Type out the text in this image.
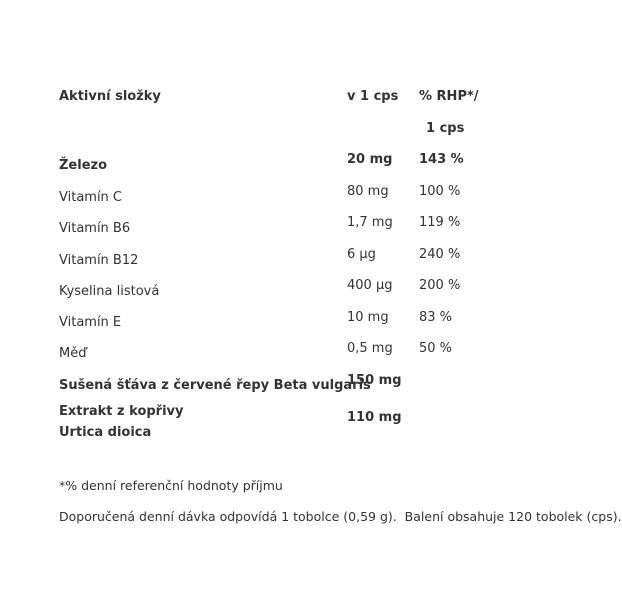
Aktivní složky	v 1 cps % RHP*/
1 cps
Železo	20 mg 143 %
Vitamín C	80 mg 100 %
Vitamín B6	1,7 mg 119 %
Vitamín B12	6 µg	240 %
Kyselina listová	400 µg 200 %
Vitamín E	10 mg 83 %
Měď	0,5 mg 50 %
Sušená šťáva z červené řepy Beta vulgaris
150 mg
Extrakt z kopřivy
Urtica dioica
110 mg
*% denní referenční hodnoty příjmu
Doporučená denní dávka odpovídá 1 tobolce (0,59 g).  Balení obsahuje 120 tobolek (cps).
